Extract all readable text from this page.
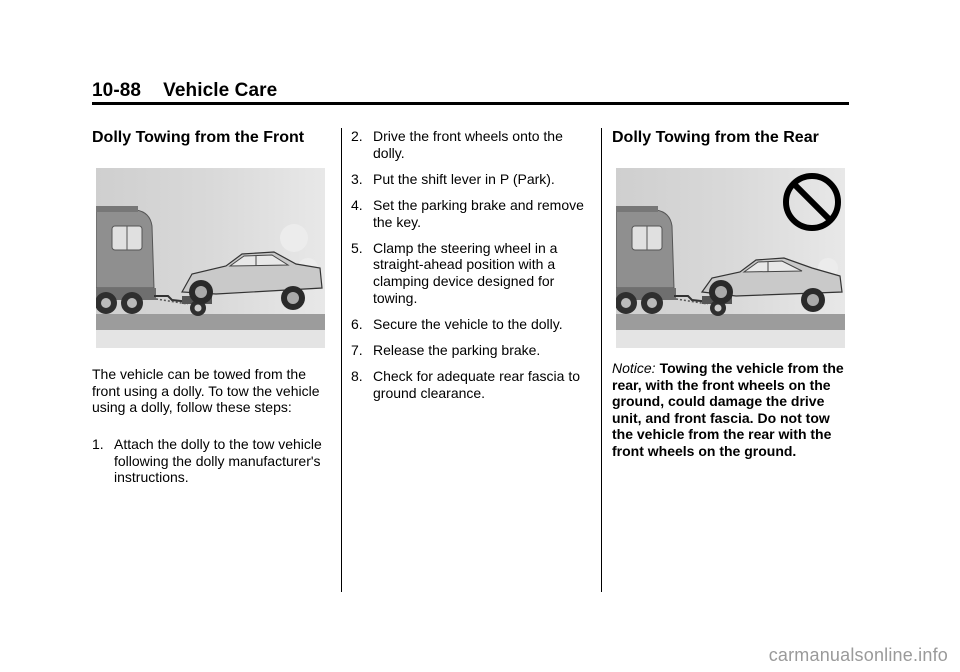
10-88 Vehicle Care
Dolly Towing from the Front

The vehicle can be towed from the front using a dolly. To tow the vehicle using a dolly, follow these steps:

1. Attach the dolly to the tow vehicle following the dolly manufacturer's instructions.
2. Drive the front wheels onto the dolly.
3. Put the shift lever in P (Park).
4. Set the parking brake and remove the key.
5. Clamp the steering wheel in a straight-ahead position with a clamping device designed for towing.
6. Secure the vehicle to the dolly.
7. Release the parking brake.
8. Check for adequate rear fascia to ground clearance.
Dolly Towing from the Rear

Notice: Towing the vehicle from the rear, with the front wheels on the ground, could damage the drive unit, and front fascia. Do not tow the vehicle from the rear with the front wheels on the ground.

carmanualsonline.info
